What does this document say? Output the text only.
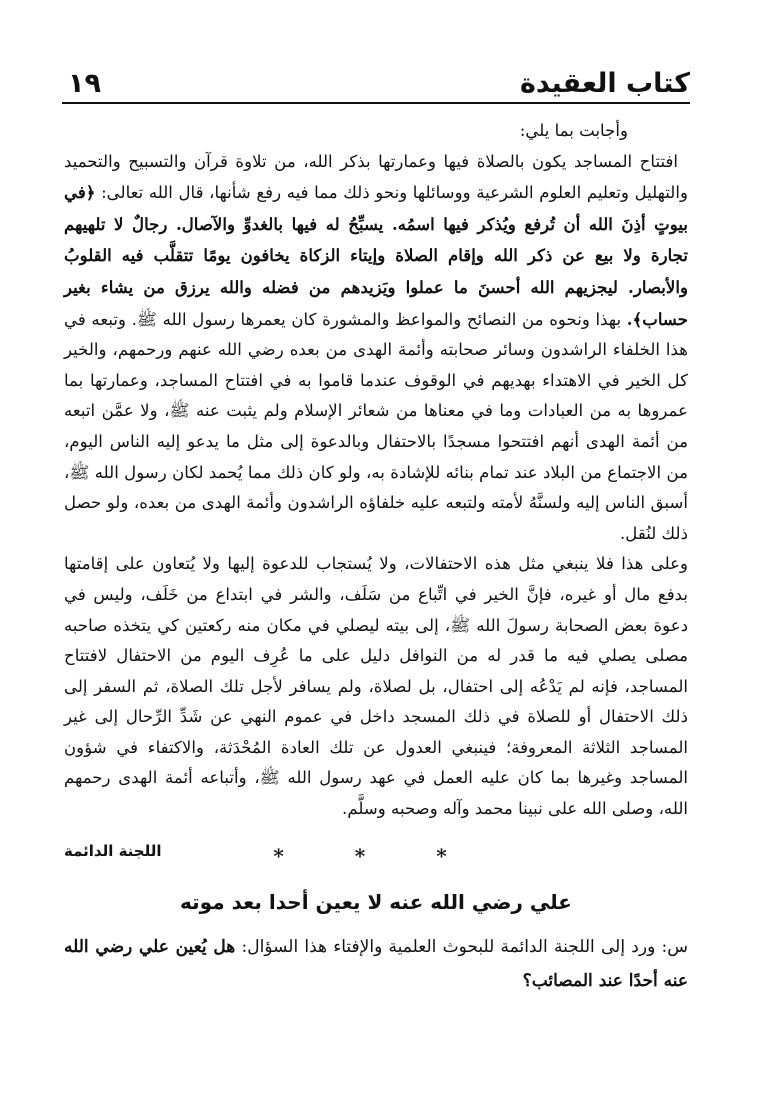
كتاب العقيدة
١٩

وأجابت بما يلي:

افتتاح المساجد يكون بالصلاة فيها وعمارتها بذكر الله، من تلاوة قرآن والتسبيح والتحميد والتهليل وتعليم العلوم الشرعية ووسائلها ونحو ذلك مما فيه رفع شأنها، قال الله تعالى: ﴿في بيوتٍ أذِنَ الله أن تُرفع ويُذكر فيها اسمُه. يسبِّحُ له فيها بالغدوِّ والآصال. رجالٌ لا تلهيهم تجارة ولا بيع عن ذكر الله وإقام الصلاة وإيتاء الزكاة يخافون يومًا تتقلَّب فيه القلوبُ والأبصار. ليجزيهم الله أحسنَ ما عملوا ويَزيدهم من فضله والله يرزق من يشاء بغير حساب﴾. بهذا ونحوه من النصائح والمواعظ والمشورة كان يعمرها رسول الله ﷺ. وتبعه في هذا الخلفاء الراشدون وسائر صحابته وأئمة الهدى من بعده رضي الله عنهم ورحمهم، والخير كل الخير في الاهتداء بهديهم في الوقوف عندما قاموا به في افتتاح المساجد، وعمارتها بما عمروها به من العبادات وما في معناها من شعائر الإسلام ولم يثبت عنه ﷺ، ولا عمَّن اتبعه من أئمة الهدى أنهم افتتحوا مسجدًا بالاحتفال وبالدعوة إلى مثل ما يدعو إليه الناس اليوم، من الاجتماع من البلاد عند تمام بنائه للإشادة به، ولو كان ذلك مما يُحمد لكان رسول الله ﷺ، أسبق الناس إليه ولسنَّهُ لأمته ولتبعه عليه خلفاؤه الراشدون وأئمة الهدى من بعده، ولو حصل ذلك لنُقل.

وعلى هذا فلا ينبغي مثل هذه الاحتفالات، ولا يُستجاب للدعوة إليها ولا يُتعاون على إقامتها بدفع مال أو غيره، فإنَّ الخير في اتِّباع من سَلَف، والشر في ابتداع من خَلَف، وليس في دعوة بعض الصحابة رسولَ الله ﷺ، إلى بيته ليصلي في مكان منه ركعتين كي يتخذه صاحبه مصلى يصلي فيه ما قدر له من النوافل دليل على ما عُرِف اليوم من الاحتفال لافتتاح المساجد، فإنه لم يَدْعُه إلى احتفال، بل لصلاة، ولم يسافر لأجل تلك الصلاة، ثم السفر إلى ذلك الاحتفال أو للصلاة في ذلك المسجد داخل في عموم النهي عن شَدِّ الرِّحال إلى غير المساجد الثلاثة المعروفة؛ فينبغي العدول عن تلك العادة المُحْدَثة، والاكتفاء في شؤون المساجد وغيرها بما كان عليه العمل في عهد رسول الله ﷺ، وأتباعه أئمة الهدى رحمهم الله، وصلى الله على نبينا محمد وآله وصحبه وسلَّم.

* * *
اللجنة الدائمة
علي رضي الله عنه لا يعين أحدا بعد موته
س: ورد إلى اللجنة الدائمة للبحوث العلمية والإفتاء هذا السؤال: هل يُعين علي رضي الله عنه أحدًا عند المصائب؟
